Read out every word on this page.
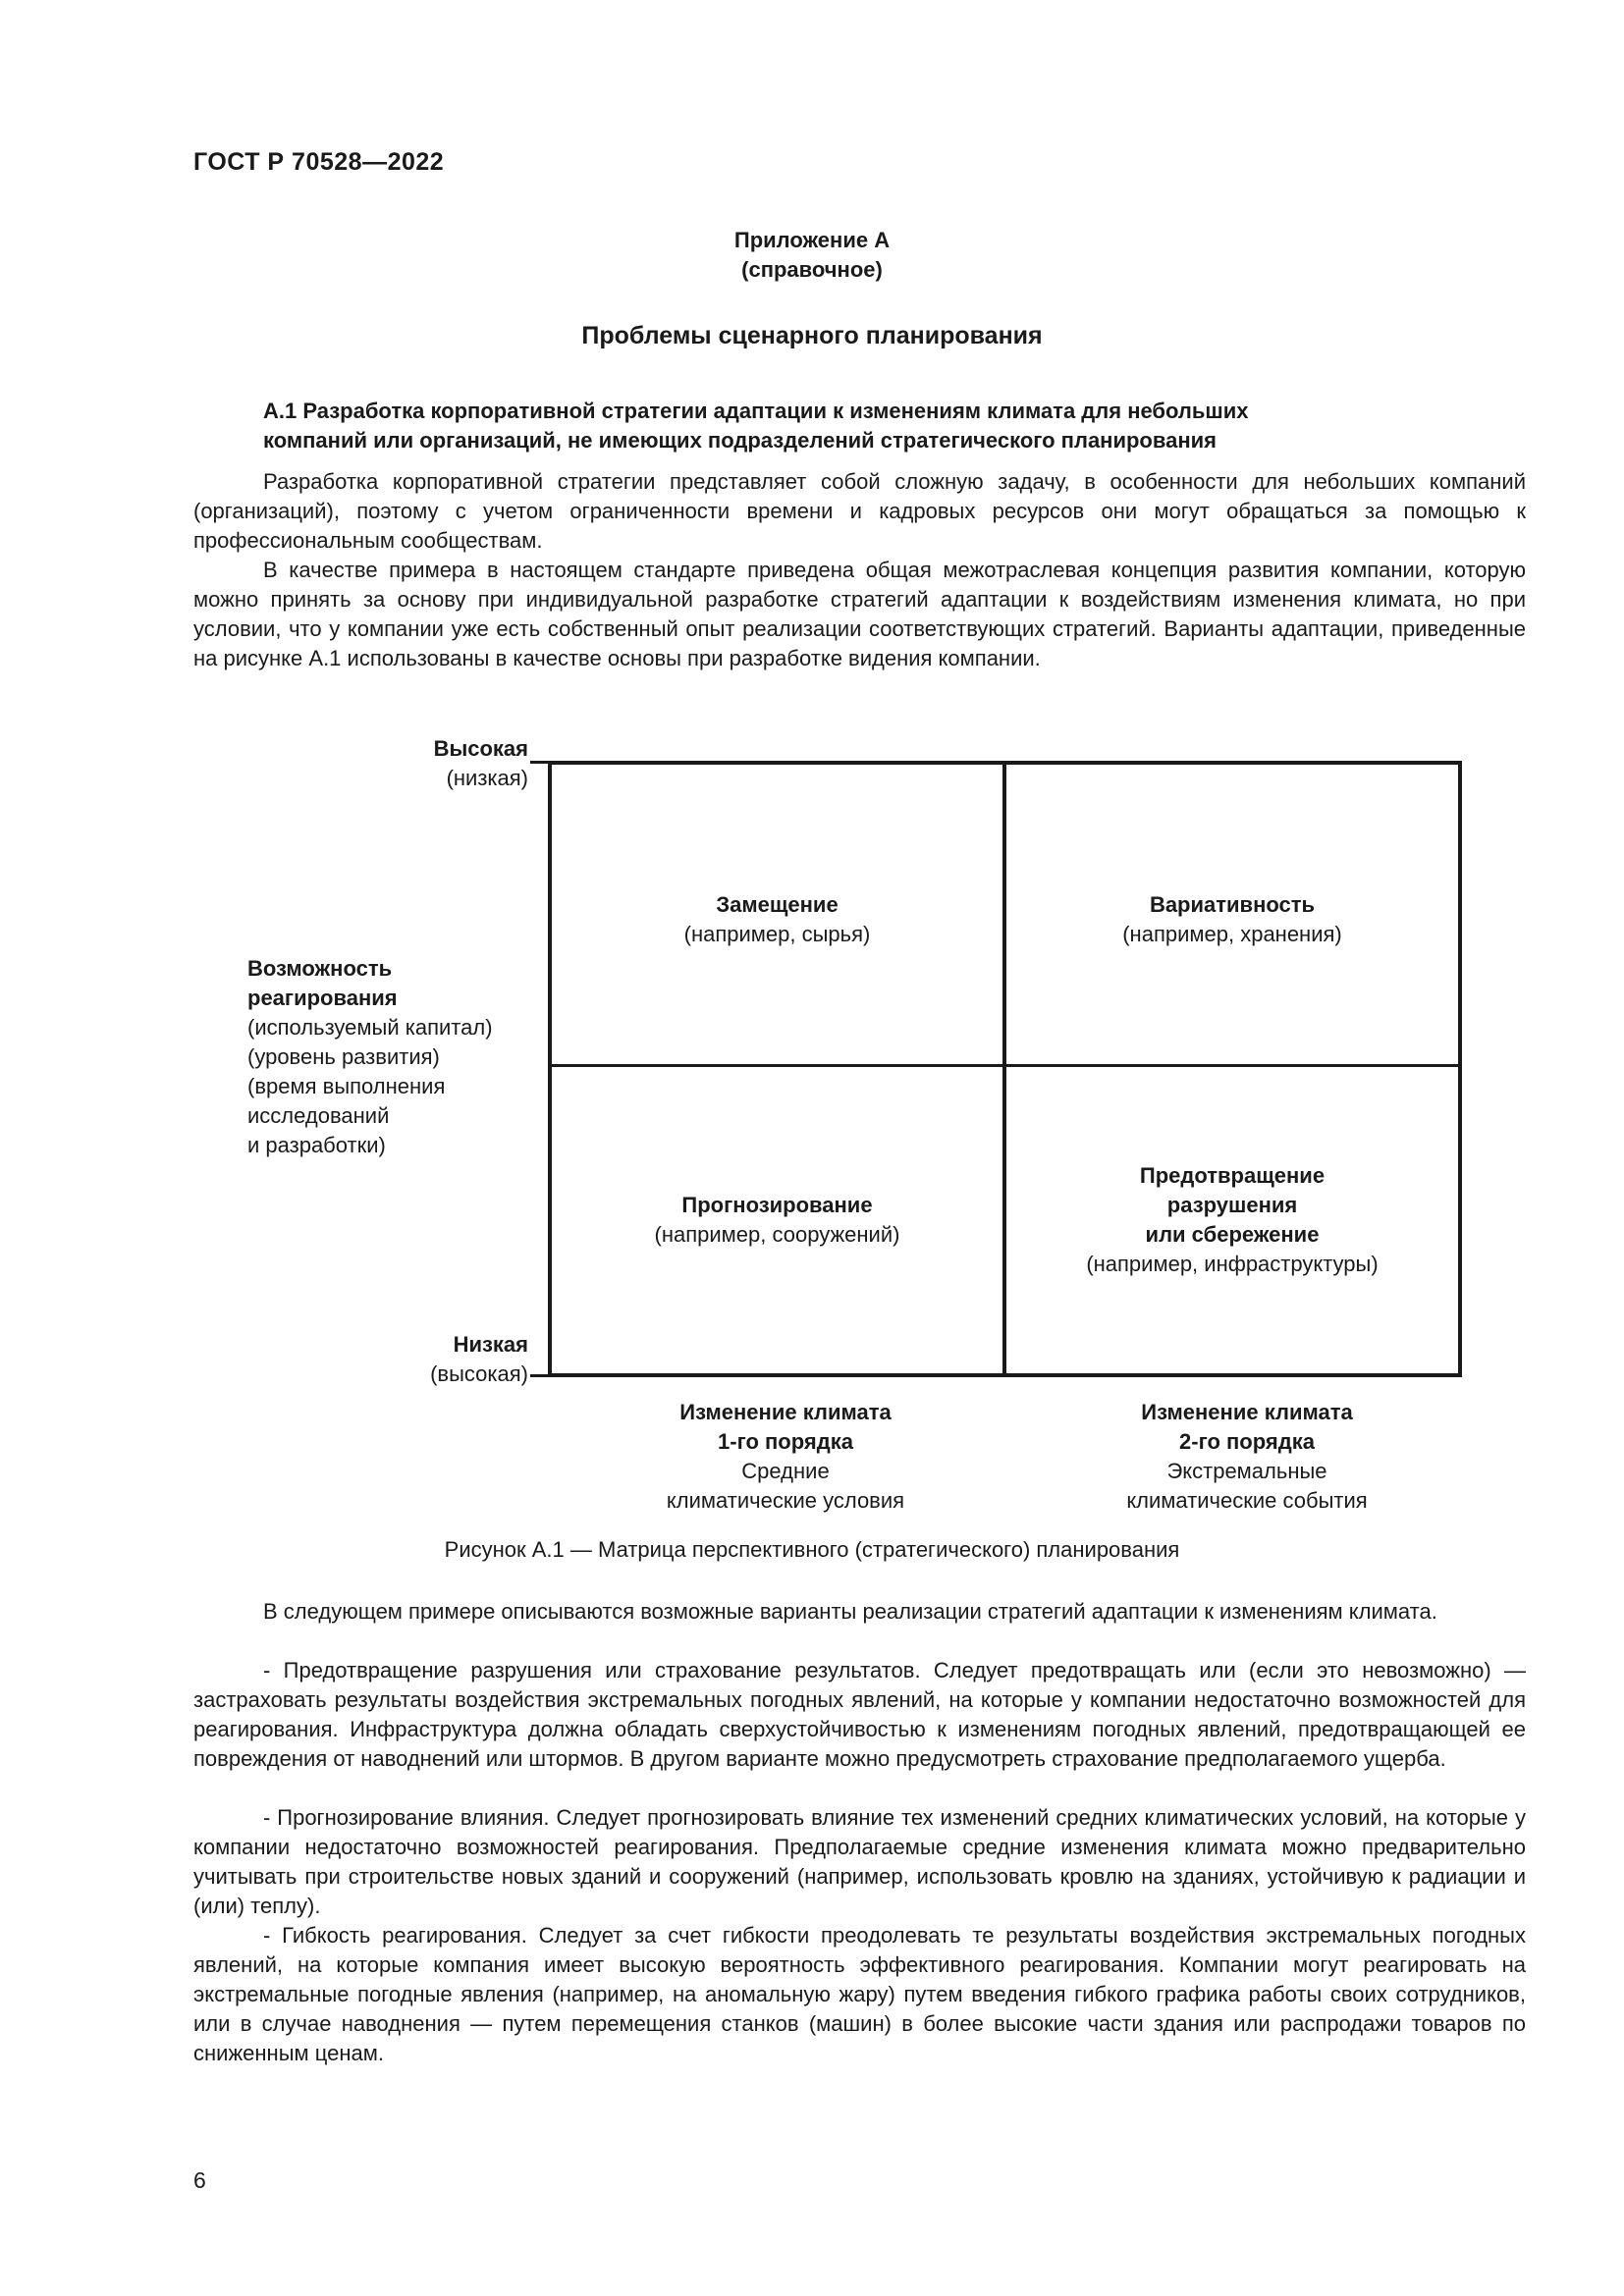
ГОСТ Р 70528—2022
Приложение А
(справочное)
Проблемы сценарного планирования
А.1 Разработка корпоративной стратегии адаптации к изменениям климата для небольших
компаний или организаций, не имеющих подразделений стратегического планирования
Разработка корпоративной стратегии представляет собой сложную задачу, в особенности для небольших компаний (организаций), поэтому с учетом ограниченности времени и кадровых ресурсов они могут обращаться за помощью к профессиональным сообществам.
В качестве примера в настоящем стандарте приведена общая межотраслевая концепция развития компании, которую можно принять за основу при индивидуальной разработке стратегий адаптации к воздействиям изменения климата, но при условии, что у компании уже есть собственный опыт реализации соответствующих стратегий. Варианты адаптации, приведенные на рисунке А.1 использованы в качестве основы при разработке видения компании.
Высокая
(низкая)
Низкая
(высокая)
Возможность
реагирования
(используемый капитал)
(уровень развития)
(время выполнения
исследований
и разработки)
Замещение
(например, сырья)
Вариативность
(например, хранения)
Прогнозирование
(например, сооружений)
Предотвращение
разрушения
или сбережение
(например, инфраструктуры)
Изменение климата
1-го порядка
Средние
климатические условия
Изменение климата
2-го порядка
Экстремальные
климатические события
Рисунок А.1 — Матрица перспективного (стратегического) планирования
В следующем примере описываются возможные варианты реализации стратегий адаптации к изменениям климата.
- Предотвращение разрушения или страхование результатов. Следует предотвращать или (если это невозможно) — застраховать результаты воздействия экстремальных погодных явлений, на которые у компании недостаточно возможностей для реагирования. Инфраструктура должна обладать сверхустойчивостью к изменениям погодных явлений, предотвращающей ее повреждения от наводнений или штормов. В другом варианте можно предусмотреть страхование предполагаемого ущерба.
- Прогнозирование влияния. Следует прогнозировать влияние тех изменений средних климатических условий, на которые у компании недостаточно возможностей реагирования. Предполагаемые средние изменения климата можно предварительно учитывать при строительстве новых зданий и сооружений (например, использовать кровлю на зданиях, устойчивую к радиации и (или) теплу).
- Гибкость реагирования. Следует за счет гибкости преодолевать те результаты воздействия экстремальных погодных явлений, на которые компания имеет высокую вероятность эффективного реагирования. Компании могут реагировать на экстремальные погодные явления (например, на аномальную жару) путем введения гибкого графика работы своих сотрудников, или в случае наводнения — путем перемещения станков (машин) в более высокие части здания или распродажи товаров по сниженным ценам.
6
